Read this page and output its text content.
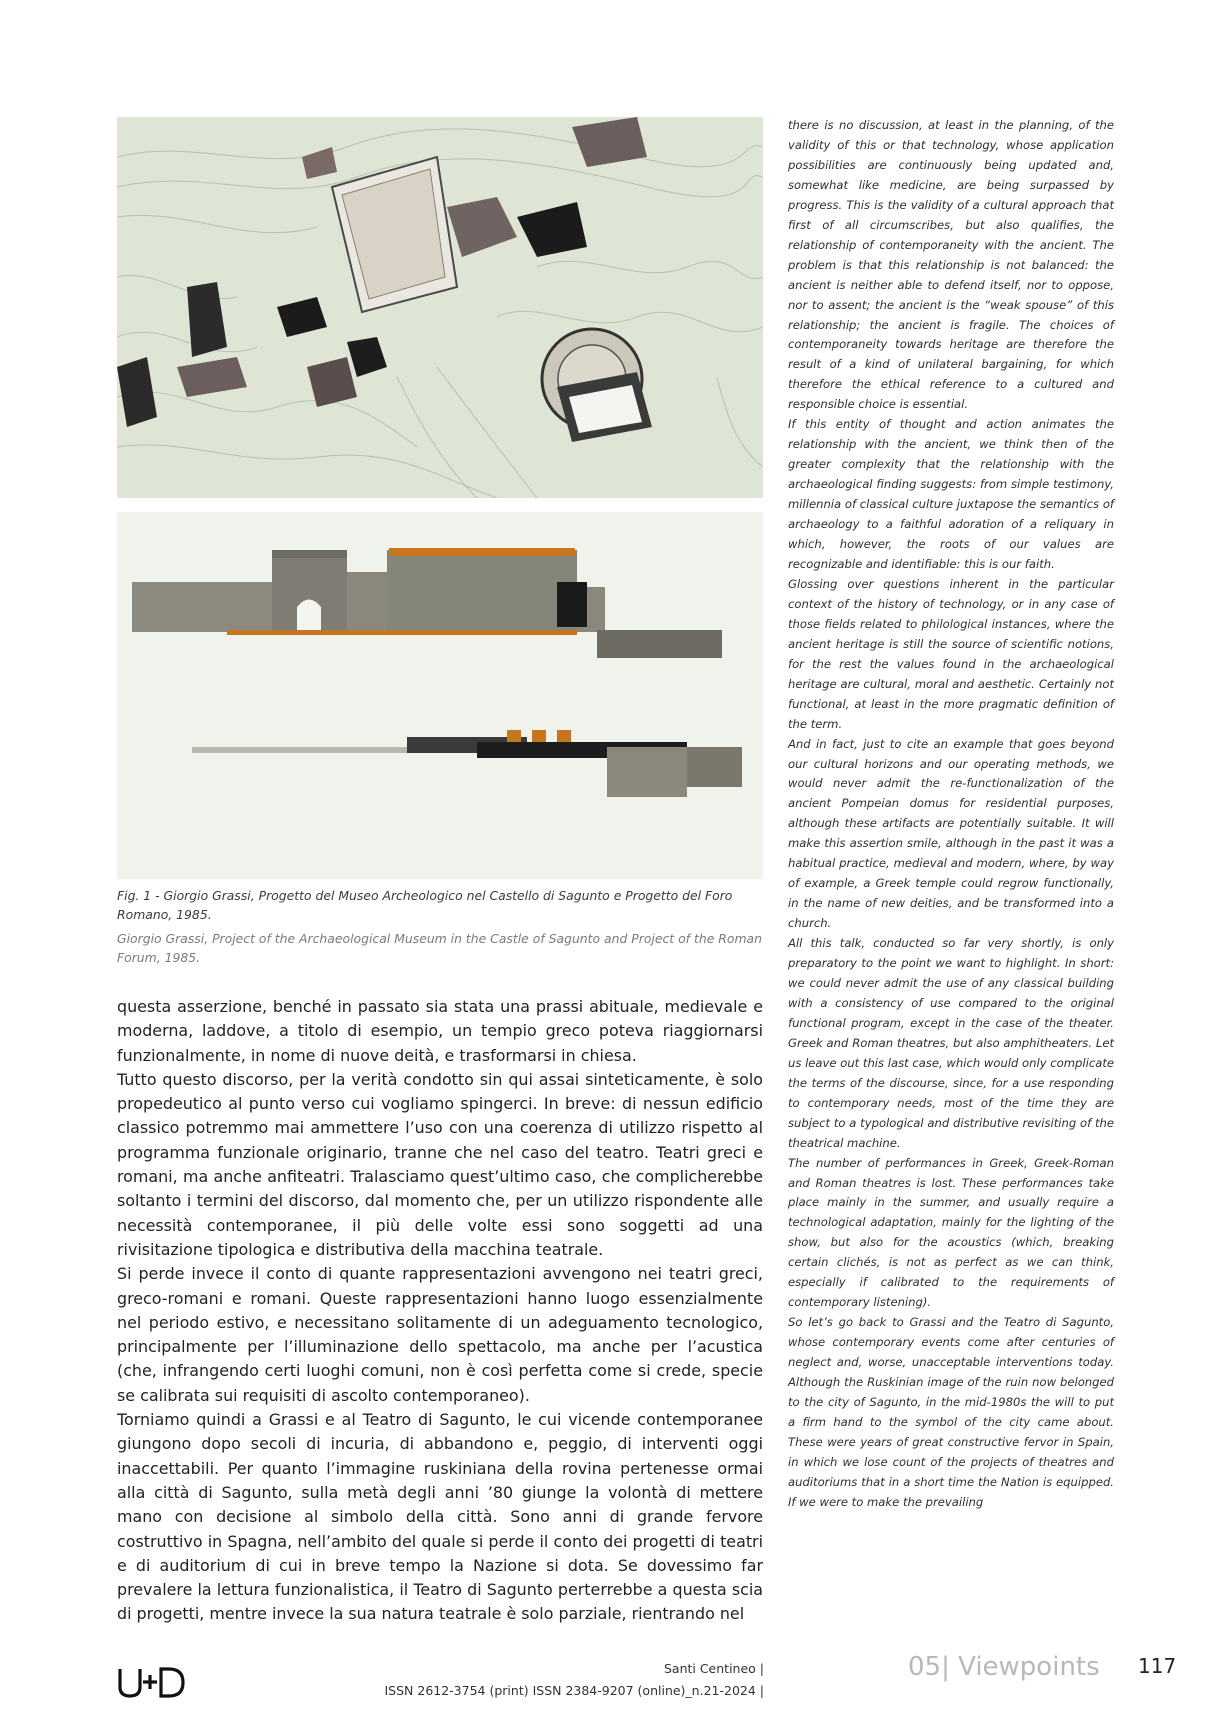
Fig. 1 - Giorgio Grassi, Progetto del Museo Archeologico nel Castello di Sagunto e Progetto del Foro Romano, 1985.

Giorgio Grassi, Project of the Archaeological Museum in the Castle of Sagunto and Project of the Roman Forum, 1985.

questa asserzione, benché in passato sia stata una prassi abituale, medievale e moderna, laddove, a titolo di esempio, un tempio greco poteva riaggiornarsi funzionalmente, in nome di nuove deità, e trasformarsi in chiesa.

Tutto questo discorso, per la verità condotto sin qui assai sinteticamente, è solo propedeutico al punto verso cui vogliamo spingerci. In breve: di nessun edificio classico potremmo mai ammettere l’uso con una coerenza di utilizzo rispetto al programma funzionale originario, tranne che nel caso del teatro. Teatri greci e romani, ma anche anfiteatri. Tralasciamo quest’ultimo caso, che complicherebbe soltanto i termini del discorso, dal momento che, per un utilizzo rispondente alle necessità contemporanee, il più delle volte essi sono soggetti ad una rivisitazione tipologica e distributiva della macchina teatrale.

Si perde invece il conto di quante rappresentazioni avvengono nei teatri greci, greco-romani e romani. Queste rappresentazioni hanno luogo essenzialmente nel periodo estivo, e necessitano solitamente di un adeguamento tecnologico, principalmente per l’illuminazione dello spettacolo, ma anche per l’acustica (che, infrangendo certi luoghi comuni, non è così perfetta come si crede, specie se calibrata sui requisiti di ascolto contemporaneo).

Torniamo quindi a Grassi e al Teatro di Sagunto, le cui vicende contemporanee giungono dopo secoli di incuria, di abbandono e, peggio, di interventi oggi inaccettabili. Per quanto l’immagine ruskiniana della rovina pertenesse ormai alla città di Sagunto, sulla metà degli anni ’80 giunge la volontà di mettere mano con decisione al simbolo della città. Sono anni di grande fervore costruttivo in Spagna, nell’ambito del quale si perde il conto dei progetti di teatri e di auditorium di cui in breve tempo la Nazione si dota. Se dovessimo far prevalere la lettura funzionalistica, il Teatro di Sagunto perterrebbe a questa scia di progetti, mentre invece la sua natura teatrale è solo parziale, rientrando nel

there is no discussion, at least in the planning, of the validity of this or that technology, whose application possibilities are continuously being updated and, somewhat like medicine, are being surpassed by progress. This is the validity of a cultural approach that first of all circumscribes, but also qualifies, the relationship of contemporaneity with the ancient. The problem is that this relationship is not balanced: the ancient is neither able to defend itself, nor to oppose, nor to assent; the ancient is the “weak spouse” of this relationship; the ancient is fragile. The choices of contemporaneity towards heritage are therefore the result of a kind of unilateral bargaining, for which therefore the ethical reference to a cultured and responsible choice is essential.

If this entity of thought and action animates the relationship with the ancient, we think then of the greater complexity that the relationship with the archaeological finding suggests: from simple testimony, millennia of classical culture juxtapose the semantics of archaeology to a faithful adoration of a reliquary in which, however, the roots of our values are recognizable and identifiable: this is our faith.

Glossing over questions inherent in the particular context of the history of technology, or in any case of those fields related to philological instances, where the ancient heritage is still the source of scientific notions, for the rest the values found in the archaeological heritage are cultural, moral and aesthetic. Certainly not functional, at least in the more pragmatic definition of the term.

And in fact, just to cite an example that goes beyond our cultural horizons and our operating methods, we would never admit the re-functionalization of the ancient Pompeian domus for residential purposes, although these artifacts are potentially suitable. It will make this assertion smile, although in the past it was a habitual practice, medieval and modern, where, by way of example, a Greek temple could regrow functionally, in the name of new deities, and be transformed into a church.

All this talk, conducted so far very shortly, is only preparatory to the point we want to highlight. In short: we could never admit the use of any classical building with a consistency of use compared to the original functional program, except in the case of the theater. Greek and Roman theatres, but also amphitheaters. Let us leave out this last case, which would only complicate the terms of the discourse, since, for a use responding to contemporary needs, most of the time they are subject to a typological and distributive revisiting of the theatrical machine.

The number of performances in Greek, Greek-Roman and Roman theatres is lost. These performances take place mainly in the summer, and usually require a technological adaptation, mainly for the lighting of the show, but also for the acoustics (which, breaking certain clichés, is not as perfect as we can think, especially if calibrated to the requirements of contemporary listening).

So let’s go back to Grassi and the Teatro di Sagunto, whose contemporary events come after centuries of neglect and, worse, unacceptable interventions today. Although the Ruskinian image of the ruin now belonged to the city of Sagunto, in the mid-1980s the will to put a firm hand to the symbol of the city came about. These were years of great constructive fervor in Spain, in which we lose count of the projects of theatres and auditoriums that in a short time the Nation is equipped. If we were to make the prevailing

Santi Centineo |
ISSN 2612-3754 (print) ISSN 2384-9207 (online)_n.21-2024 |
05| Viewpoints 117
